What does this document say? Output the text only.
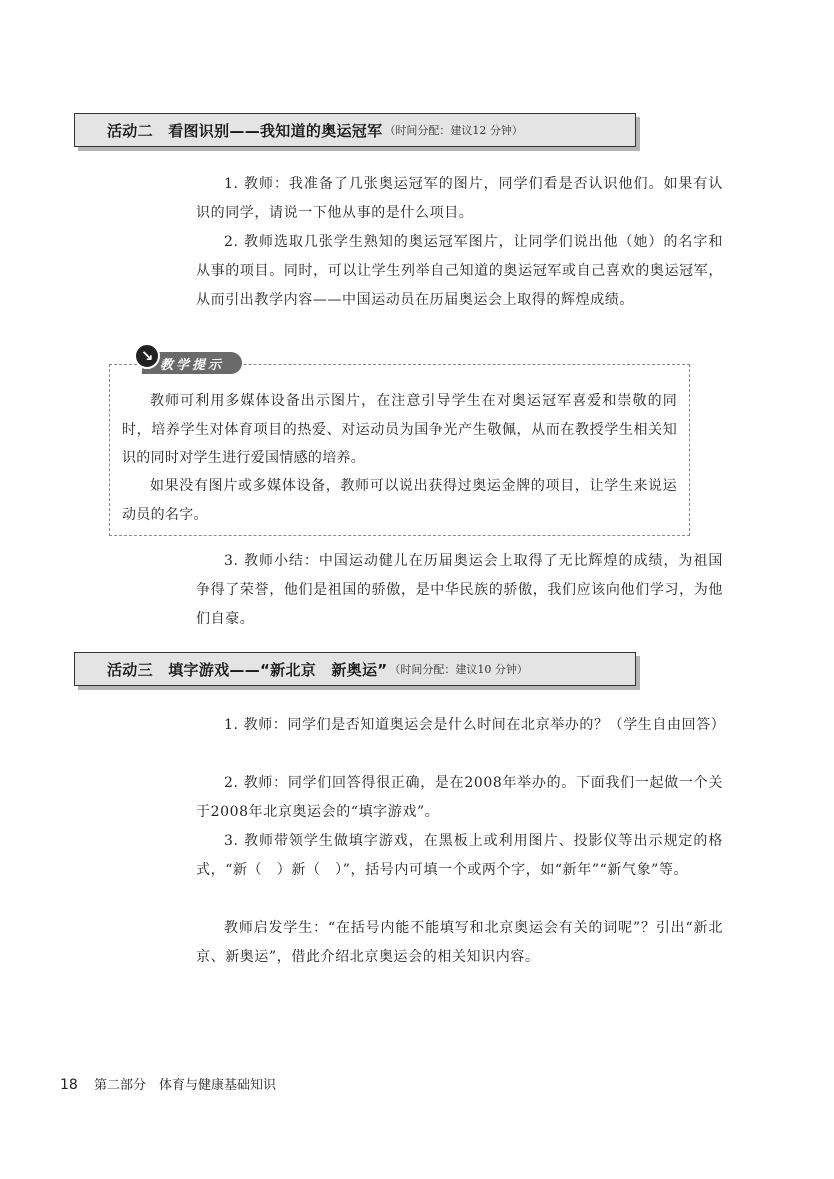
活动二　看图识别——我知道的奥运冠军 （时间分配：建议12 分钟）

1. 教师：我准备了几张奥运冠军的图片，同学们看是否认识他们。如果有认识的同学，请说一下他从事的是什么项目。

2. 教师选取几张学生熟知的奥运冠军图片，让同学们说出他（她）的名字和从事的项目。同时，可以让学生列举自己知道的奥运冠军或自己喜欢的奥运冠军，从而引出教学内容——中国运动员在历届奥运会上取得的辉煌成绩。

↘ 教学提示

教师可利用多媒体设备出示图片，在注意引导学生在对奥运冠军喜爱和崇敬的同时，培养学生对体育项目的热爱、对运动员为国争光产生敬佩，从而在教授学生相关知识的同时对学生进行爱国情感的培养。

如果没有图片或多媒体设备，教师可以说出获得过奥运金牌的项目，让学生来说运动员的名字。

3. 教师小结：中国运动健儿在历届奥运会上取得了无比辉煌的成绩，为祖国争得了荣誉，他们是祖国的骄傲，是中华民族的骄傲，我们应该向他们学习，为他们自豪。

活动三　填字游戏——“新北京　新奥运” （时间分配：建议10 分钟）

1. 教师：同学们是否知道奥运会是什么时间在北京举办的？（学生自由回答）

2. 教师：同学们回答得很正确，是在2008年举办的。下面我们一起做一个关于2008年北京奥运会的“填字游戏”。

3. 教师带领学生做填字游戏，在黑板上或利用图片、投影仪等出示规定的格式，“新（　）新（　）”，括号内可填一个或两个字，如“新年”“新气象”等。

教师启发学生：“在括号内能不能填写和北京奥运会有关的词呢”？引出“新北京、新奥运”，借此介绍北京奥运会的相关知识内容。

18 第二部分　体育与健康基础知识
